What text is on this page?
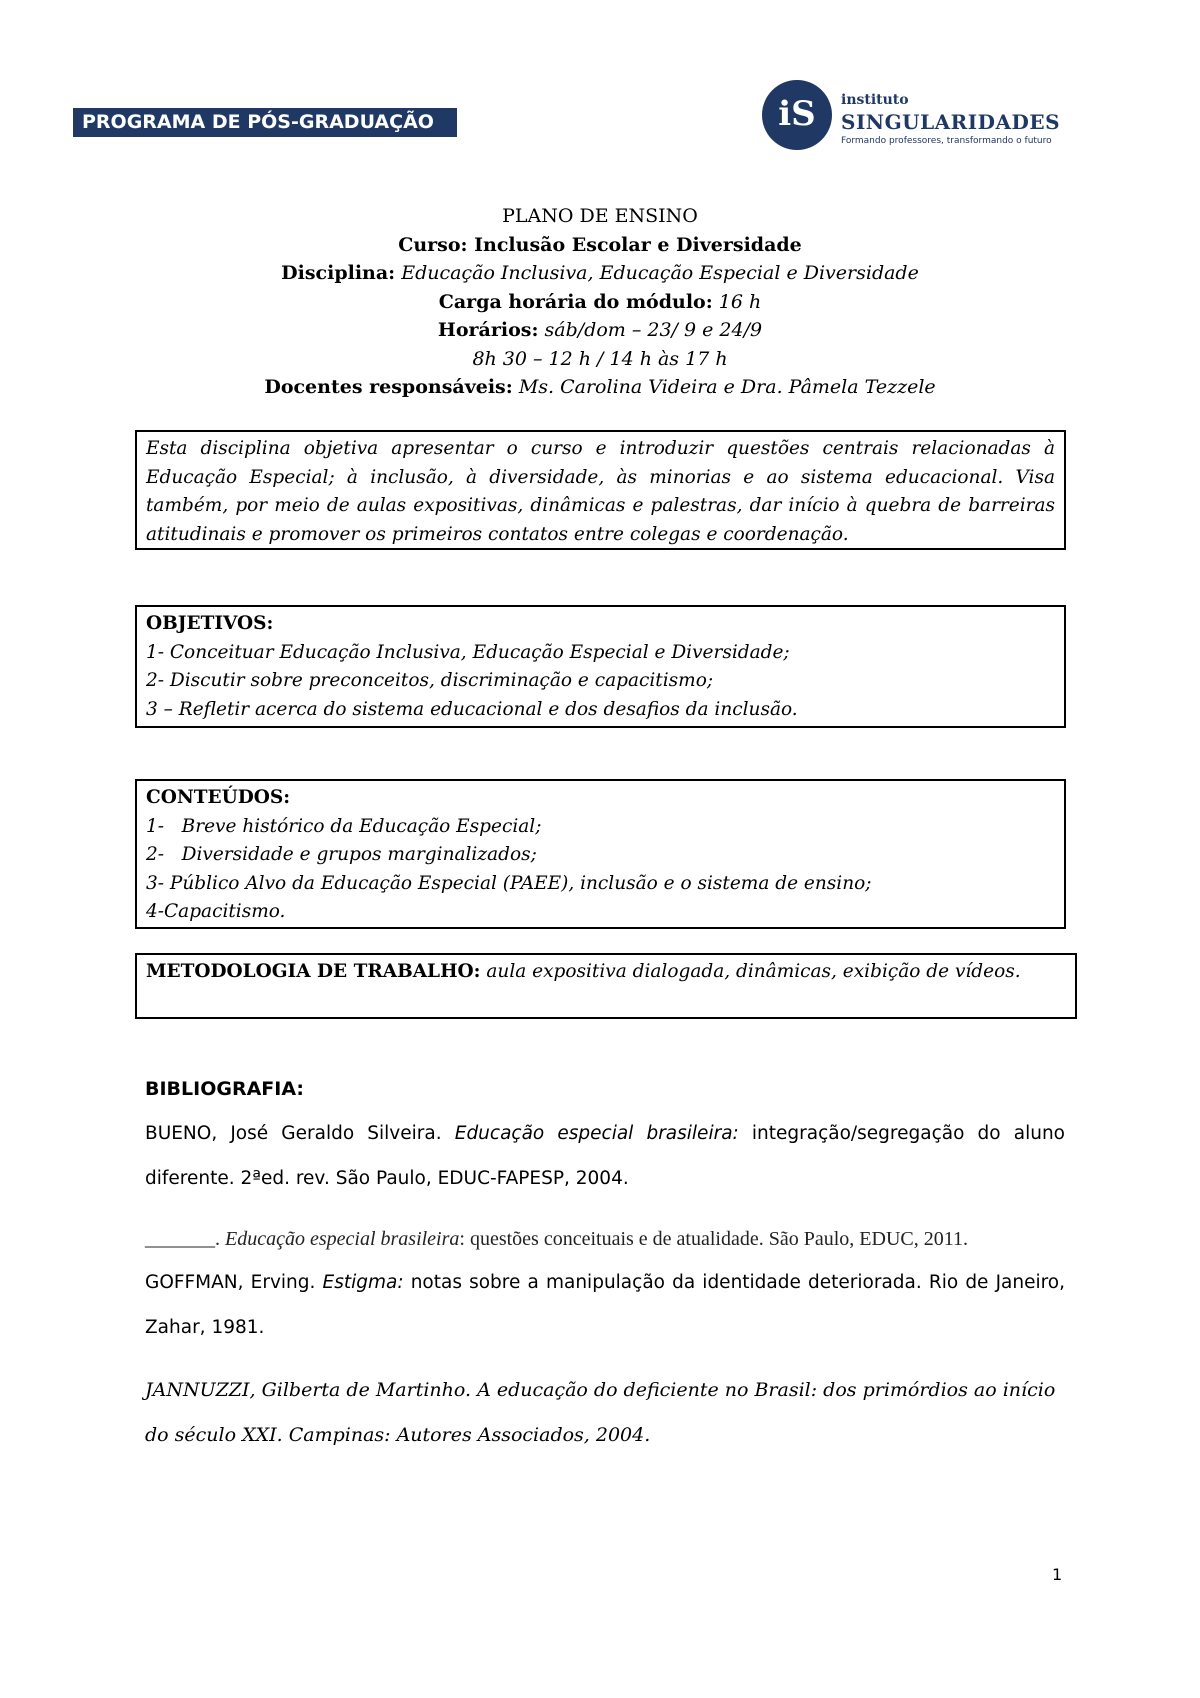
PROGRAMA DE PÓS-GRADUAÇÃO	iS	instituto
SINGULARIDADES
Formando professores, transformando o futuro
PLANO DE ENSINO
Curso: Inclusão Escolar e Diversidade
Disciplina: Educação Inclusiva, Educação Especial e Diversidade
Carga horária do módulo: 16 h
Horários: sáb/dom – 23/ 9 e 24/9
8h 30 – 12 h / 14 h às 17 h
Docentes responsáveis: Ms. Carolina Videira e Dra. Pâmela Tezzele
Esta disciplina objetiva apresentar o curso e introduzir questões centrais relacionadas à Educação Especial; à inclusão, à diversidade, às minorias e ao sistema educacional. Visa também, por meio de aulas expositivas, dinâmicas e palestras, dar início à quebra de barreiras atitudinais e promover os primeiros contatos entre colegas e coordenação.
OBJETIVOS:
1- Conceituar Educação Inclusiva, Educação Especial e Diversidade;
2- Discutir sobre preconceitos, discriminação e capacitismo;
3 – Refletir acerca do sistema educacional e dos desafios da inclusão.
CONTEÚDOS:
1-   Breve histórico da Educação Especial;
2-   Diversidade e grupos marginalizados;
3- Público Alvo da Educação Especial (PAEE), inclusão e o sistema de ensino;
4-Capacitismo.
METODOLOGIA DE TRABALHO: aula expositiva dialogada, dinâmicas, exibição de vídeos.
BIBLIOGRAFIA:
BUENO, José Geraldo Silveira. Educação especial brasileira: integração/segregação do aluno diferente. 2ªed. rev. São Paulo, EDUC-FAPESP, 2004.
_______. Educação especial brasileira: questões conceituais e de atualidade. São Paulo, EDUC, 2011.
GOFFMAN, Erving. Estigma: notas sobre a manipulação da identidade deteriorada. Rio de Janeiro, Zahar, 1981.
JANNUZZI, Gilberta de Martinho. A educação do deficiente no Brasil: dos primórdios ao início do século XXI. Campinas: Autores Associados, 2004.
1
